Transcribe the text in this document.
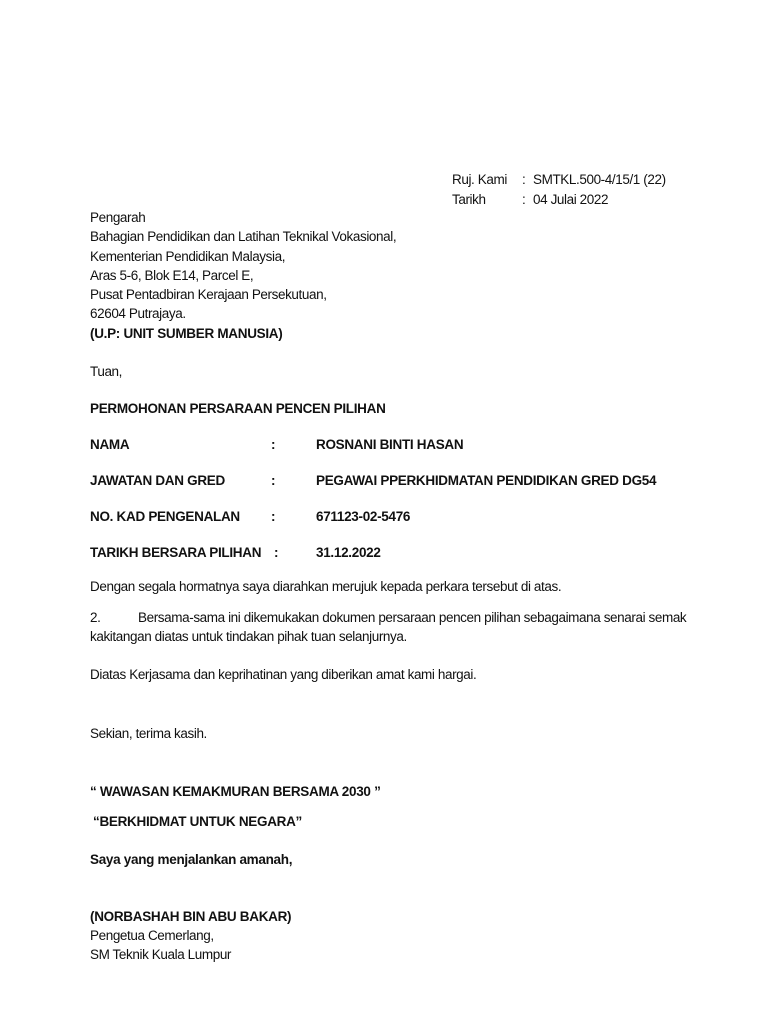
Ruj. Kami : SMTKL.500-4/15/1 (22)
Tarikh	: 04 Julai 2022
Pengarah
Bahagian Pendidikan dan Latihan Teknikal Vokasional,
Kementerian Pendidikan Malaysia,
Aras 5-6, Blok E14, Parcel E,
Pusat Pentadbiran Kerajaan Persekutuan,
62604 Putrajaya.
(U.P: UNIT SUMBER MANUSIA)
Tuan,
PERMOHONAN PERSARAAN PENCEN PILIHAN
NAMA	:	ROSNANI BINTI HASAN
JAWATAN DAN GRED	:	PEGAWAI PPERKHIDMATAN PENDIDIKAN GRED DG54
NO. KAD PENGENALAN :	671123-02-5476
TARIKH BERSARA PILIHAN :	31.12.2022
Dengan segala hormatnya saya diarahkan merujuk kepada perkara tersebut di atas.
2.	Bersama-sama ini dikemukakan dokumen persaraan pencen pilihan sebagaimana senarai semak
kakitangan diatas untuk tindakan pihak tuan selanjurnya.
Diatas Kerjasama dan keprihatinan yang diberikan amat kami hargai.
Sekian, terima kasih.
“ WAWASAN KEMAKMURAN BERSAMA 2030 ”
“BERKHIDMAT UNTUK NEGARA”
Saya yang menjalankan amanah,
(NORBASHAH BIN ABU BAKAR)
Pengetua Cemerlang,
SM Teknik Kuala Lumpur
